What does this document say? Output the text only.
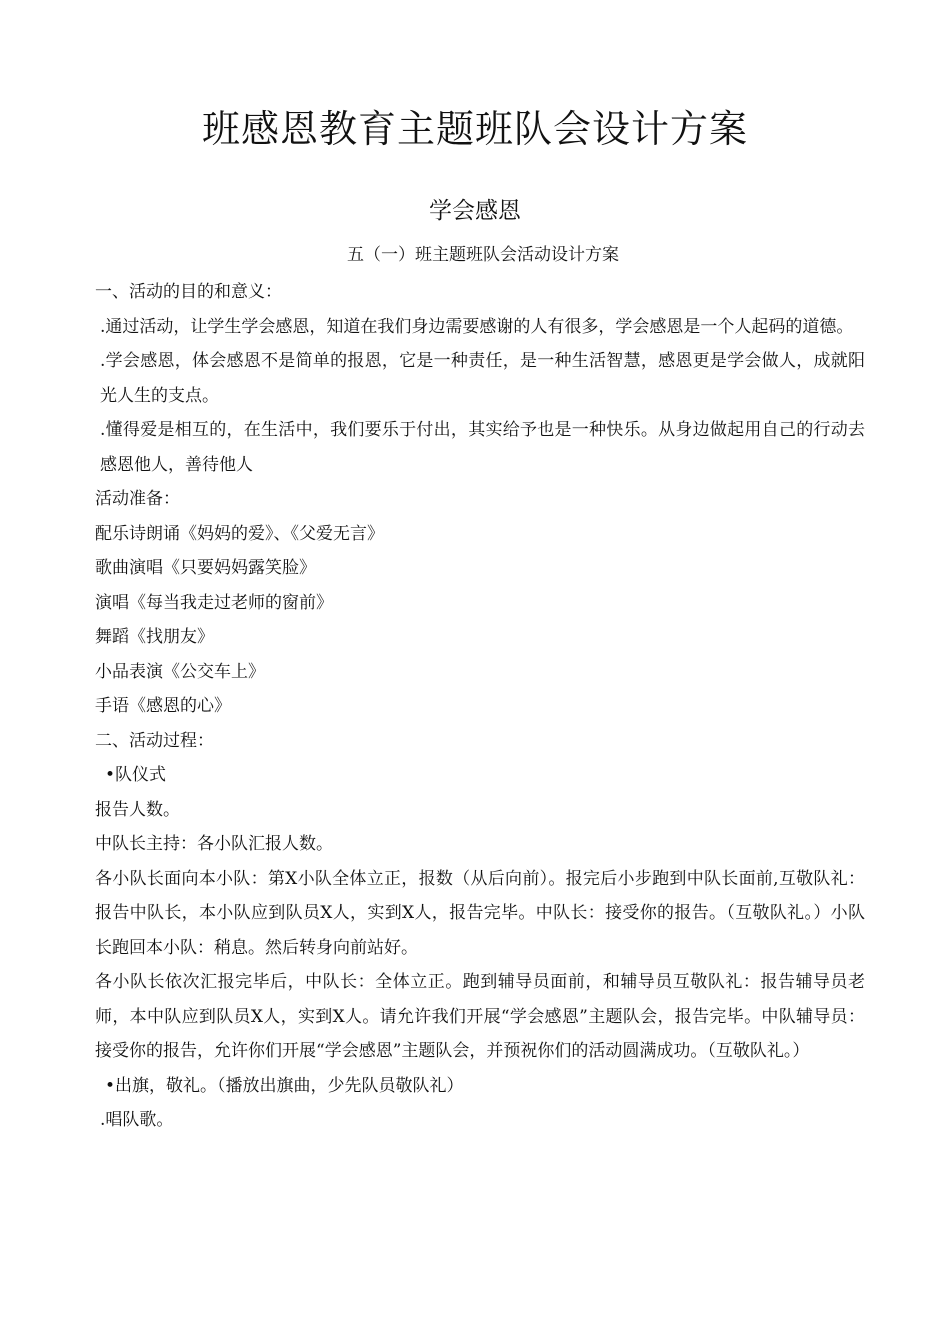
班感恩教育主题班队会设计方案
学会感恩
五（一）班主题班队会活动设计方案

一、活动的目的和意义：

.通过活动，让学生学会感恩，知道在我们身边需要感谢的人有很多，学会感恩是一个人起码的道德。

.学会感恩，体会感恩不是简单的报恩，它是一种责任，是一种生活智慧，感恩更是学会做人，成就阳光人生的支点。

.懂得爱是相互的，在生活中，我们要乐于付出，其实给予也是一种快乐。从身边做起用自己的行动去感恩他人，善待他人

活动准备：

配乐诗朗诵《妈妈的爱》、《父爱无言》

歌曲演唱《只要妈妈露笑脸》

演唱《每当我走过老师的窗前》

舞蹈《找朋友》

小品表演《公交车上》

手语《感恩的心》

二、活动过程：

•队仪式

报告人数。

中队长主持：各小队汇报人数。

各小队长面向本小队：第X小队全体立正，报数（从后向前）。报完后小步跑到中队长面前,互敬队礼：报告中队长，本小队应到队员X人，实到X人，报告完毕。中队长：接受你的报告。（互敬队礼。）小队长跑回本小队：稍息。然后转身向前站好。

各小队长依次汇报完毕后，中队长：全体立正。跑到辅导员面前，和辅导员互敬队礼：报告辅导员老师，本中队应到队员X人，实到X人。请允许我们开展“学会感恩”主题队会，报告完毕。中队辅导员：接受你的报告，允许你们开展“学会感恩”主题队会，并预祝你们的活动圆满成功。（互敬队礼。）

•出旗，敬礼。（播放出旗曲，少先队员敬队礼）

.唱队歌。
